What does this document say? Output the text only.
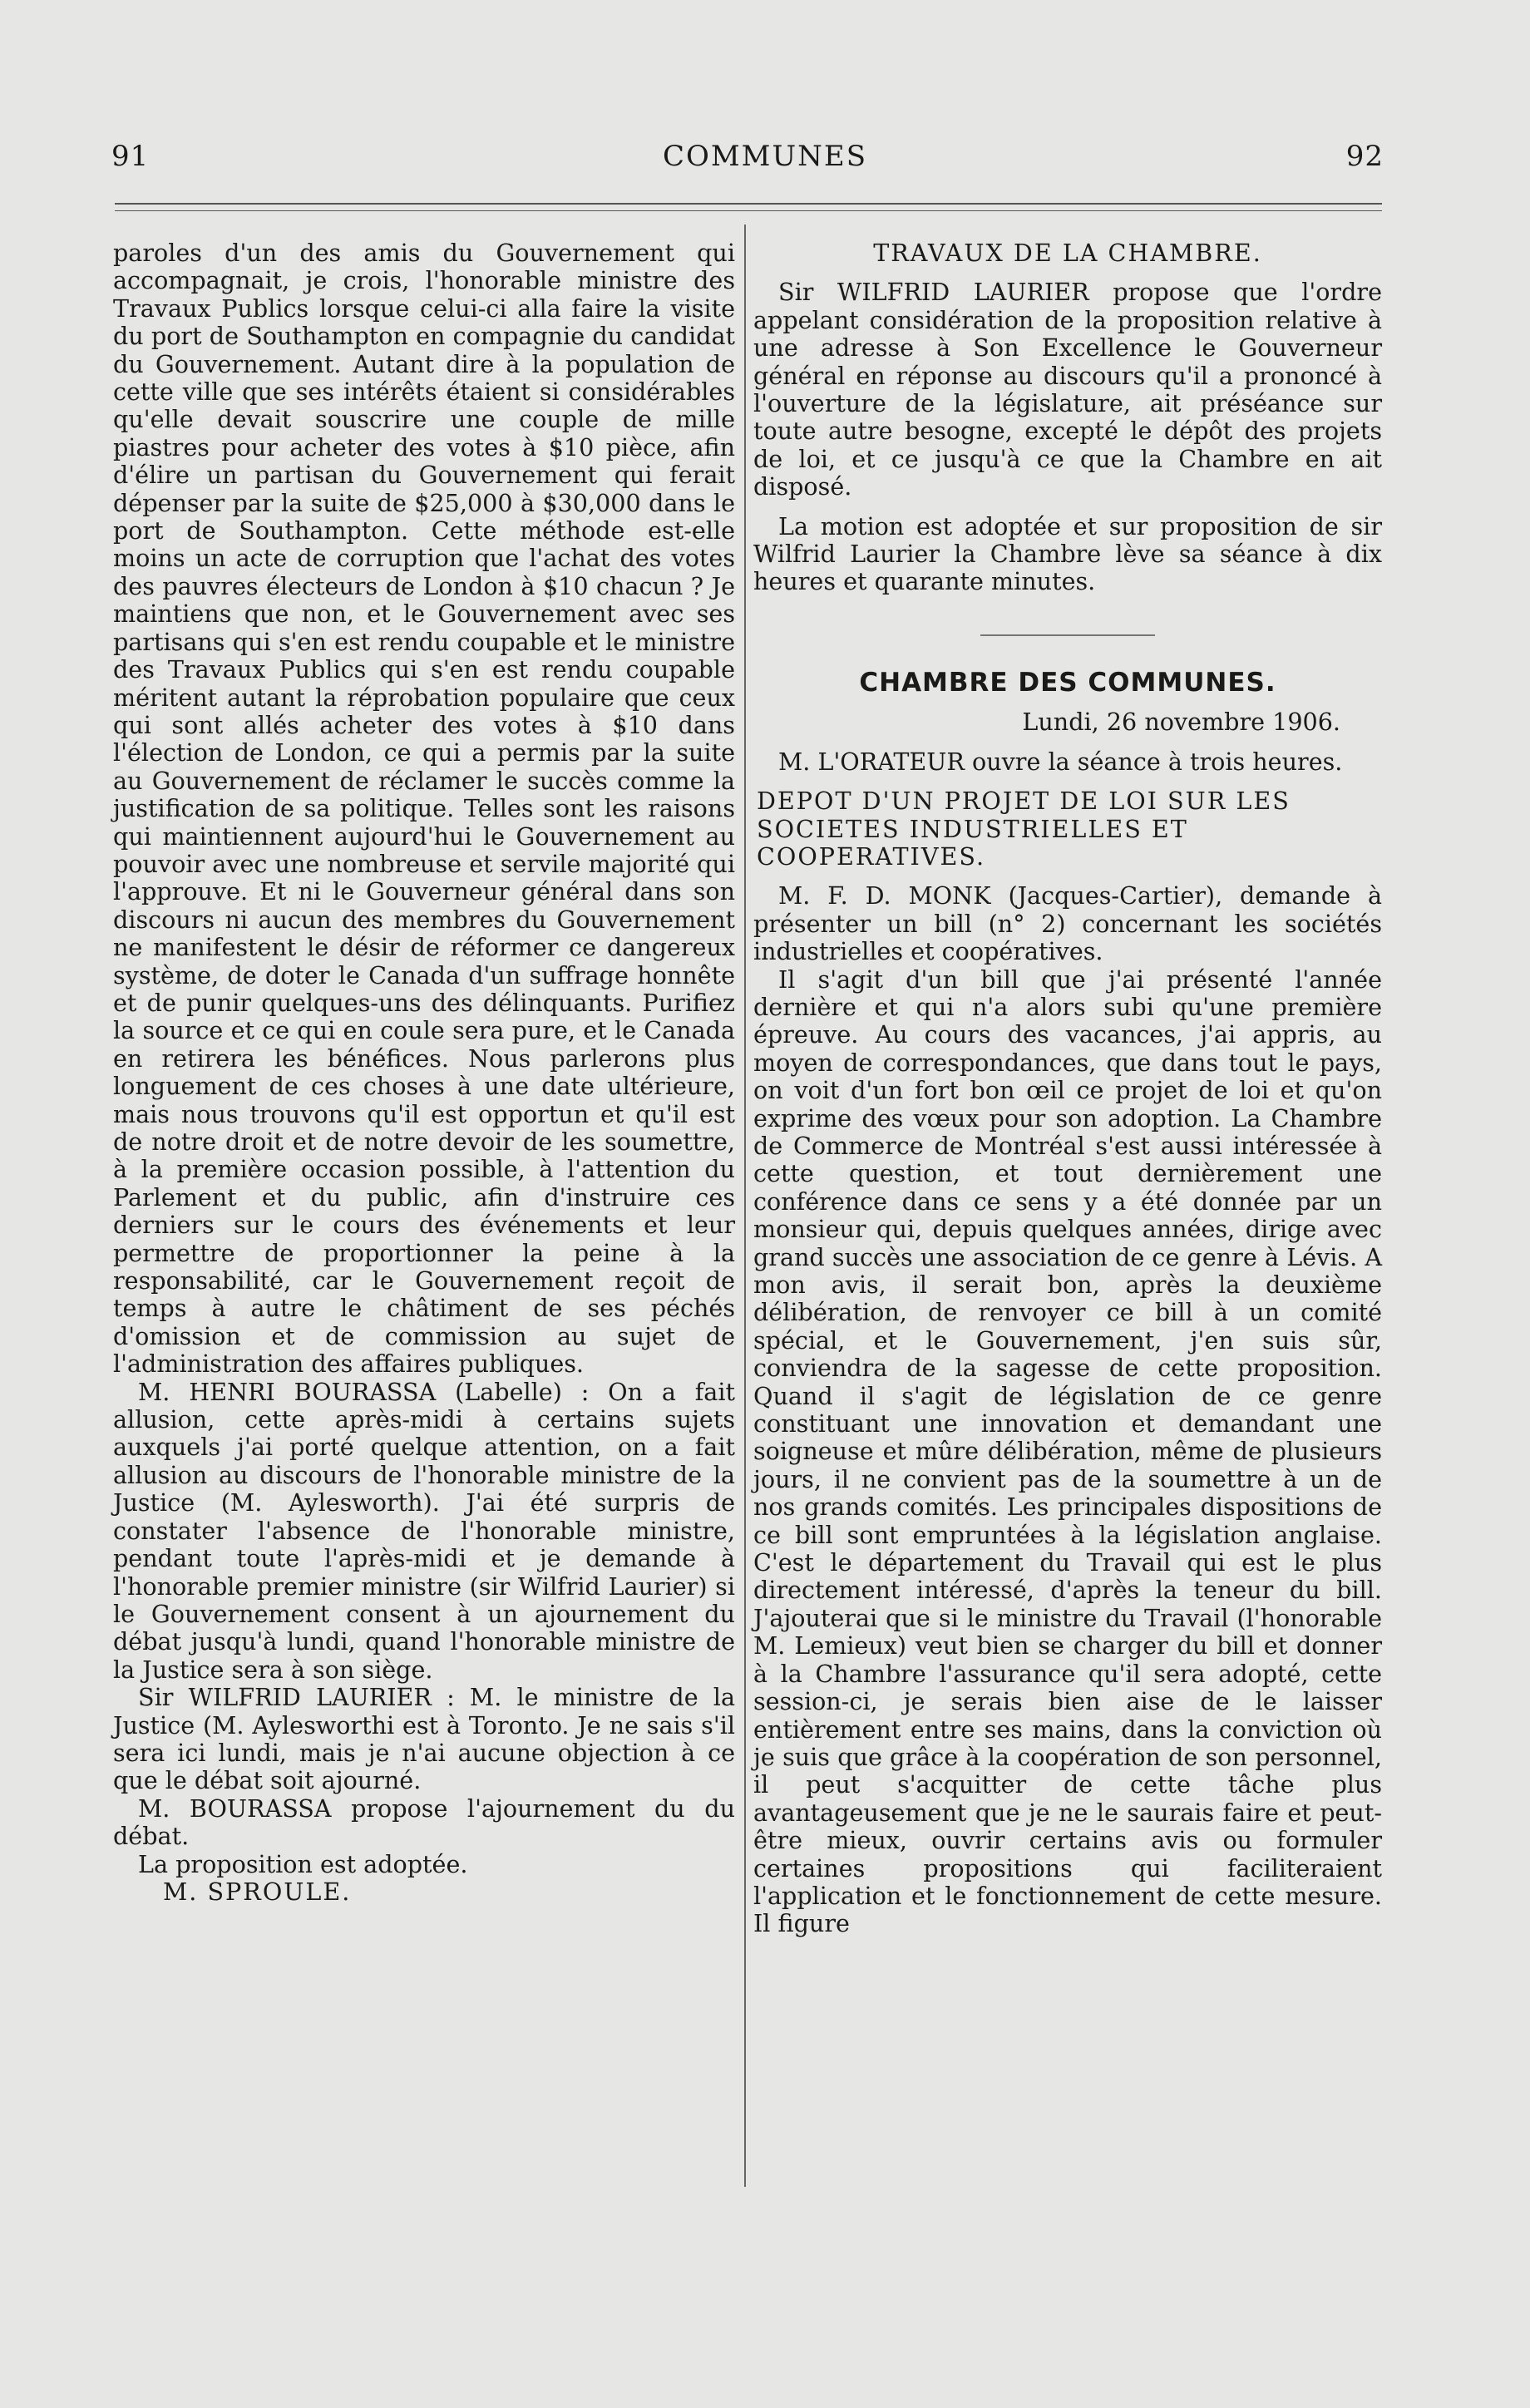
91	COMMUNES	92

paroles d'un des amis du Gouvernement qui accompagnait, je crois, l'honorable ministre des Travaux Publics lorsque celui-ci alla faire la visite du port de Southampton en compagnie du candidat du Gouvernement. Autant dire à la population de cette ville que ses intérêts étaient si considérables qu'elle devait souscrire une couple de mille piastres pour acheter des votes à $10 pièce, afin d'élire un partisan du Gouvernement qui ferait dépenser par la suite de $25,000 à $30,000 dans le port de Southampton. Cette méthode est-elle moins un acte de corruption que l'achat des votes des pauvres électeurs de London à $10 chacun ? Je maintiens que non, et le Gouvernement avec ses partisans qui s'en est rendu coupable et le ministre des Travaux Publics qui s'en est rendu coupable méritent autant la réprobation populaire que ceux qui sont allés acheter des votes à $10 dans l'élection de London, ce qui a permis par la suite au Gouvernement de réclamer le succès comme la justification de sa politique. Telles sont les raisons qui maintiennent aujourd'hui le Gouvernement au pouvoir avec une nombreuse et servile majorité qui l'approuve. Et ni le Gouverneur général dans son discours ni aucun des membres du Gouvernement ne manifestent le désir de réformer ce dangereux système, de doter le Canada d'un suffrage honnête et de punir quelques-uns des délinquants. Purifiez la source et ce qui en coule sera pure, et le Canada en retirera les bénéfices. Nous parlerons plus longuement de ces choses à une date ultérieure, mais nous trouvons qu'il est opportun et qu'il est de notre droit et de notre devoir de les soumettre, à la première occasion possible, à l'attention du Parlement et du public, afin d'instruire ces derniers sur le cours des événements et leur permettre de proportionner la peine à la responsabilité, car le Gouvernement reçoit de temps à autre le châtiment de ses péchés d'omission et de commission au sujet de l'administration des affaires publiques.

M. HENRI BOURASSA (Labelle) : On a fait allusion, cette après-midi à certains sujets auxquels j'ai porté quelque attention, on a fait allusion au discours de l'honorable ministre de la Justice (M. Aylesworth). J'ai été surpris de constater l'absence de l'honorable ministre, pendant toute l'après-midi et je demande à l'honorable premier ministre (sir Wilfrid Laurier) si le Gouvernement consent à un ajournement du débat jusqu'à lundi, quand l'honorable ministre de la Justice sera à son siège.

Sir WILFRID LAURIER : M. le ministre de la Justice (M. Aylesworthi est à Toronto. Je ne sais s'il sera ici lundi, mais je n'ai aucune objection à ce que le débat soit ajourné.

M. BOURASSA propose l'ajournement du du débat.

La proposition est adoptée.

M. SPROULE.

TRAVAUX DE LA CHAMBRE.

Sir WILFRID LAURIER propose que l'ordre appelant considération de la proposition relative à une adresse à Son Excellence le Gouverneur général en réponse au discours qu'il a prononcé à l'ouverture de la législature, ait préséance sur toute autre besogne, excepté le dépôt des projets de loi, et ce jusqu'à ce que la Chambre en ait disposé.

La motion est adoptée et sur proposition de sir Wilfrid Laurier la Chambre lève sa séance à dix heures et quarante minutes.

CHAMBRE DES COMMUNES.

Lundi, 26 novembre 1906.

M. L'ORATEUR ouvre la séance à trois heures.

DEPOT D'UN PROJET DE LOI SUR LES SOCIETES INDUSTRIELLES ET COOPERATIVES.

M. F. D. MONK (Jacques-Cartier), demande à présenter un bill (n° 2) concernant les sociétés industrielles et coopératives.

Il s'agit d'un bill que j'ai présenté l'année dernière et qui n'a alors subi qu'une première épreuve. Au cours des vacances, j'ai appris, au moyen de correspondances, que dans tout le pays, on voit d'un fort bon œil ce projet de loi et qu'on exprime des vœux pour son adoption. La Chambre de Commerce de Montréal s'est aussi intéressée à cette question, et tout dernièrement une conférence dans ce sens y a été donnée par un monsieur qui, depuis quelques années, dirige avec grand succès une association de ce genre à Lévis. A mon avis, il serait bon, après la deuxième délibération, de renvoyer ce bill à un comité spécial, et le Gouvernement, j'en suis sûr, conviendra de la sagesse de cette proposition. Quand il s'agit de législation de ce genre constituant une innovation et demandant une soigneuse et mûre délibération, même de plusieurs jours, il ne convient pas de la soumettre à un de nos grands comités. Les principales dispositions de ce bill sont empruntées à la législation anglaise. C'est le département du Travail qui est le plus directement intéressé, d'après la teneur du bill. J'ajouterai que si le ministre du Travail (l'honorable M. Lemieux) veut bien se charger du bill et donner à la Chambre l'assurance qu'il sera adopté, cette session-ci, je serais bien aise de le laisser entièrement entre ses mains, dans la conviction où je suis que grâce à la coopération de son personnel, il peut s'acquitter de cette tâche plus avantageusement que je ne le saurais faire et peut-être mieux, ouvrir certains avis ou formuler certaines propositions qui faciliteraient l'application et le fonctionnement de cette mesure. Il figure
